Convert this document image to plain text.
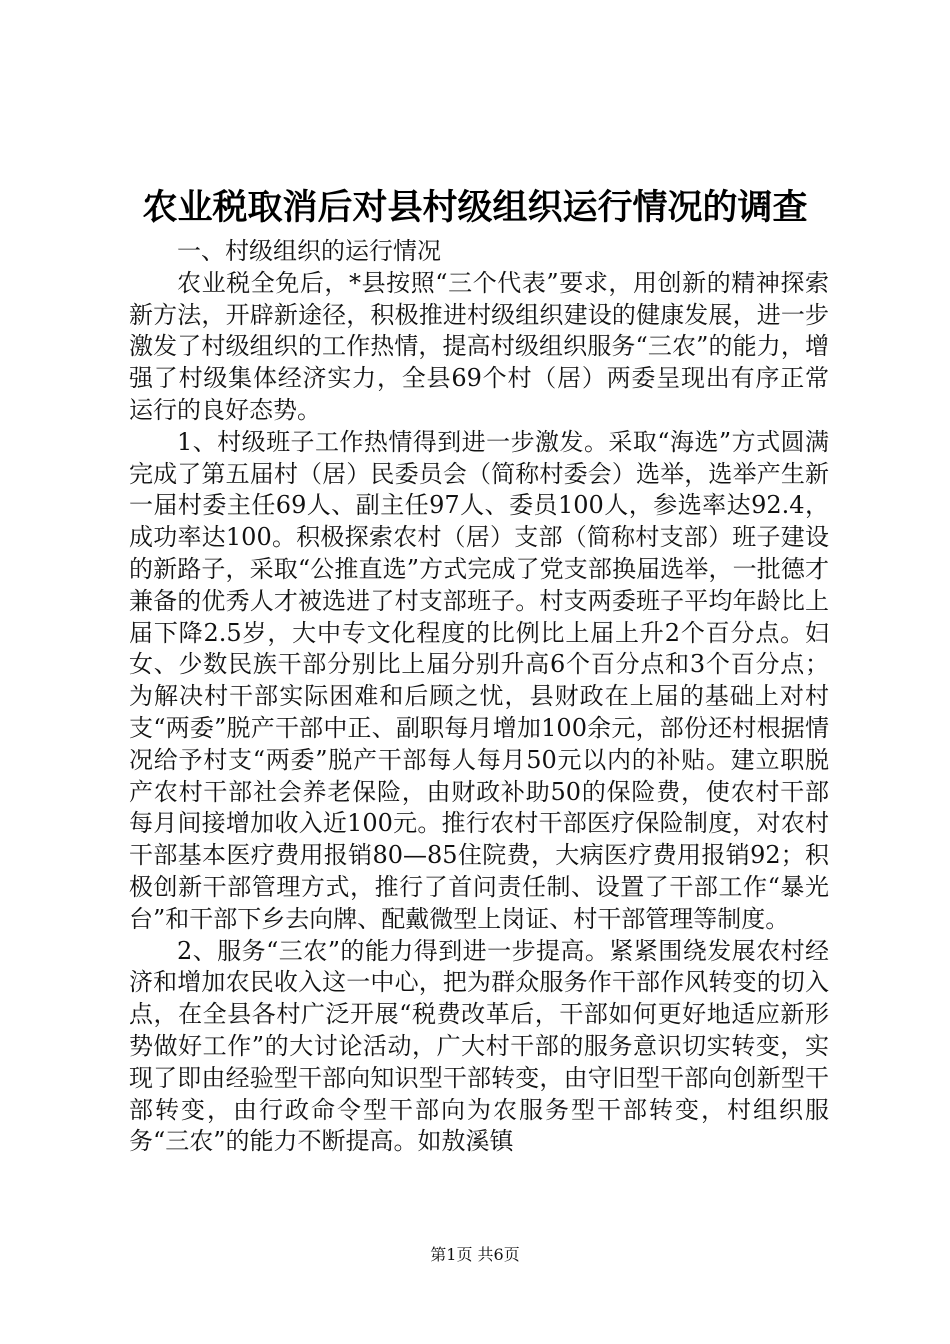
农业税取消后对县村级组织运行情况的调查

一、村级组织的运行情况

农业税全免后，*县按照“三个代表”要求，用创新的精神探索新方法，开辟新途径，积极推进村级组织建设的健康发展，进一步激发了村级组织的工作热情，提高村级组织服务“三农”的能力，增强了村级集体经济实力，全县69个村（居）两委呈现出有序正常运行的良好态势。

1、村级班子工作热情得到进一步激发。采取“海选”方式圆满完成了第五届村（居）民委员会（简称村委会）选举，选举产生新一届村委主任69人、副主任97人、委员100人，参选率达92.4，成功率达100。积极探索农村（居）支部（简称村支部）班子建设的新路子，采取“公推直选”方式完成了党支部换届选举，一批德才兼备的优秀人才被选进了村支部班子。村支两委班子平均年龄比上届下降2.5岁，大中专文化程度的比例比上届上升2个百分点。妇女、少数民族干部分别比上届分别升高6个百分点和3个百分点；为解决村干部实际困难和后顾之忧，县财政在上届的基础上对村支“两委”脱产干部中正、副职每月增加100余元，部份还村根据情况给予村支“两委”脱产干部每人每月50元以内的补贴。建立职脱产农村干部社会养老保险，由财政补助50的保险费，使农村干部每月间接增加收入近100元。推行农村干部医疗保险制度，对农村干部基本医疗费用报销80—85住院费，大病医疗费用报销92；积极创新干部管理方式，推行了首问责任制、设置了干部工作“暴光台”和干部下乡去向牌、配戴微型上岗证、村干部管理等制度。

2、服务“三农”的能力得到进一步提高。紧紧围绕发展农村经济和增加农民收入这一中心，把为群众服务作干部作风转变的切入点，在全县各村广泛开展“税费改革后，干部如何更好地适应新形势做好工作”的大讨论活动，广大村干部的服务意识切实转变，实现了即由经验型干部向知识型干部转变，由守旧型干部向创新型干部转变，由行政命令型干部向为农服务型干部转变，村组织服务“三农”的能力不断提高。如敖溪镇

第1页 共6页
